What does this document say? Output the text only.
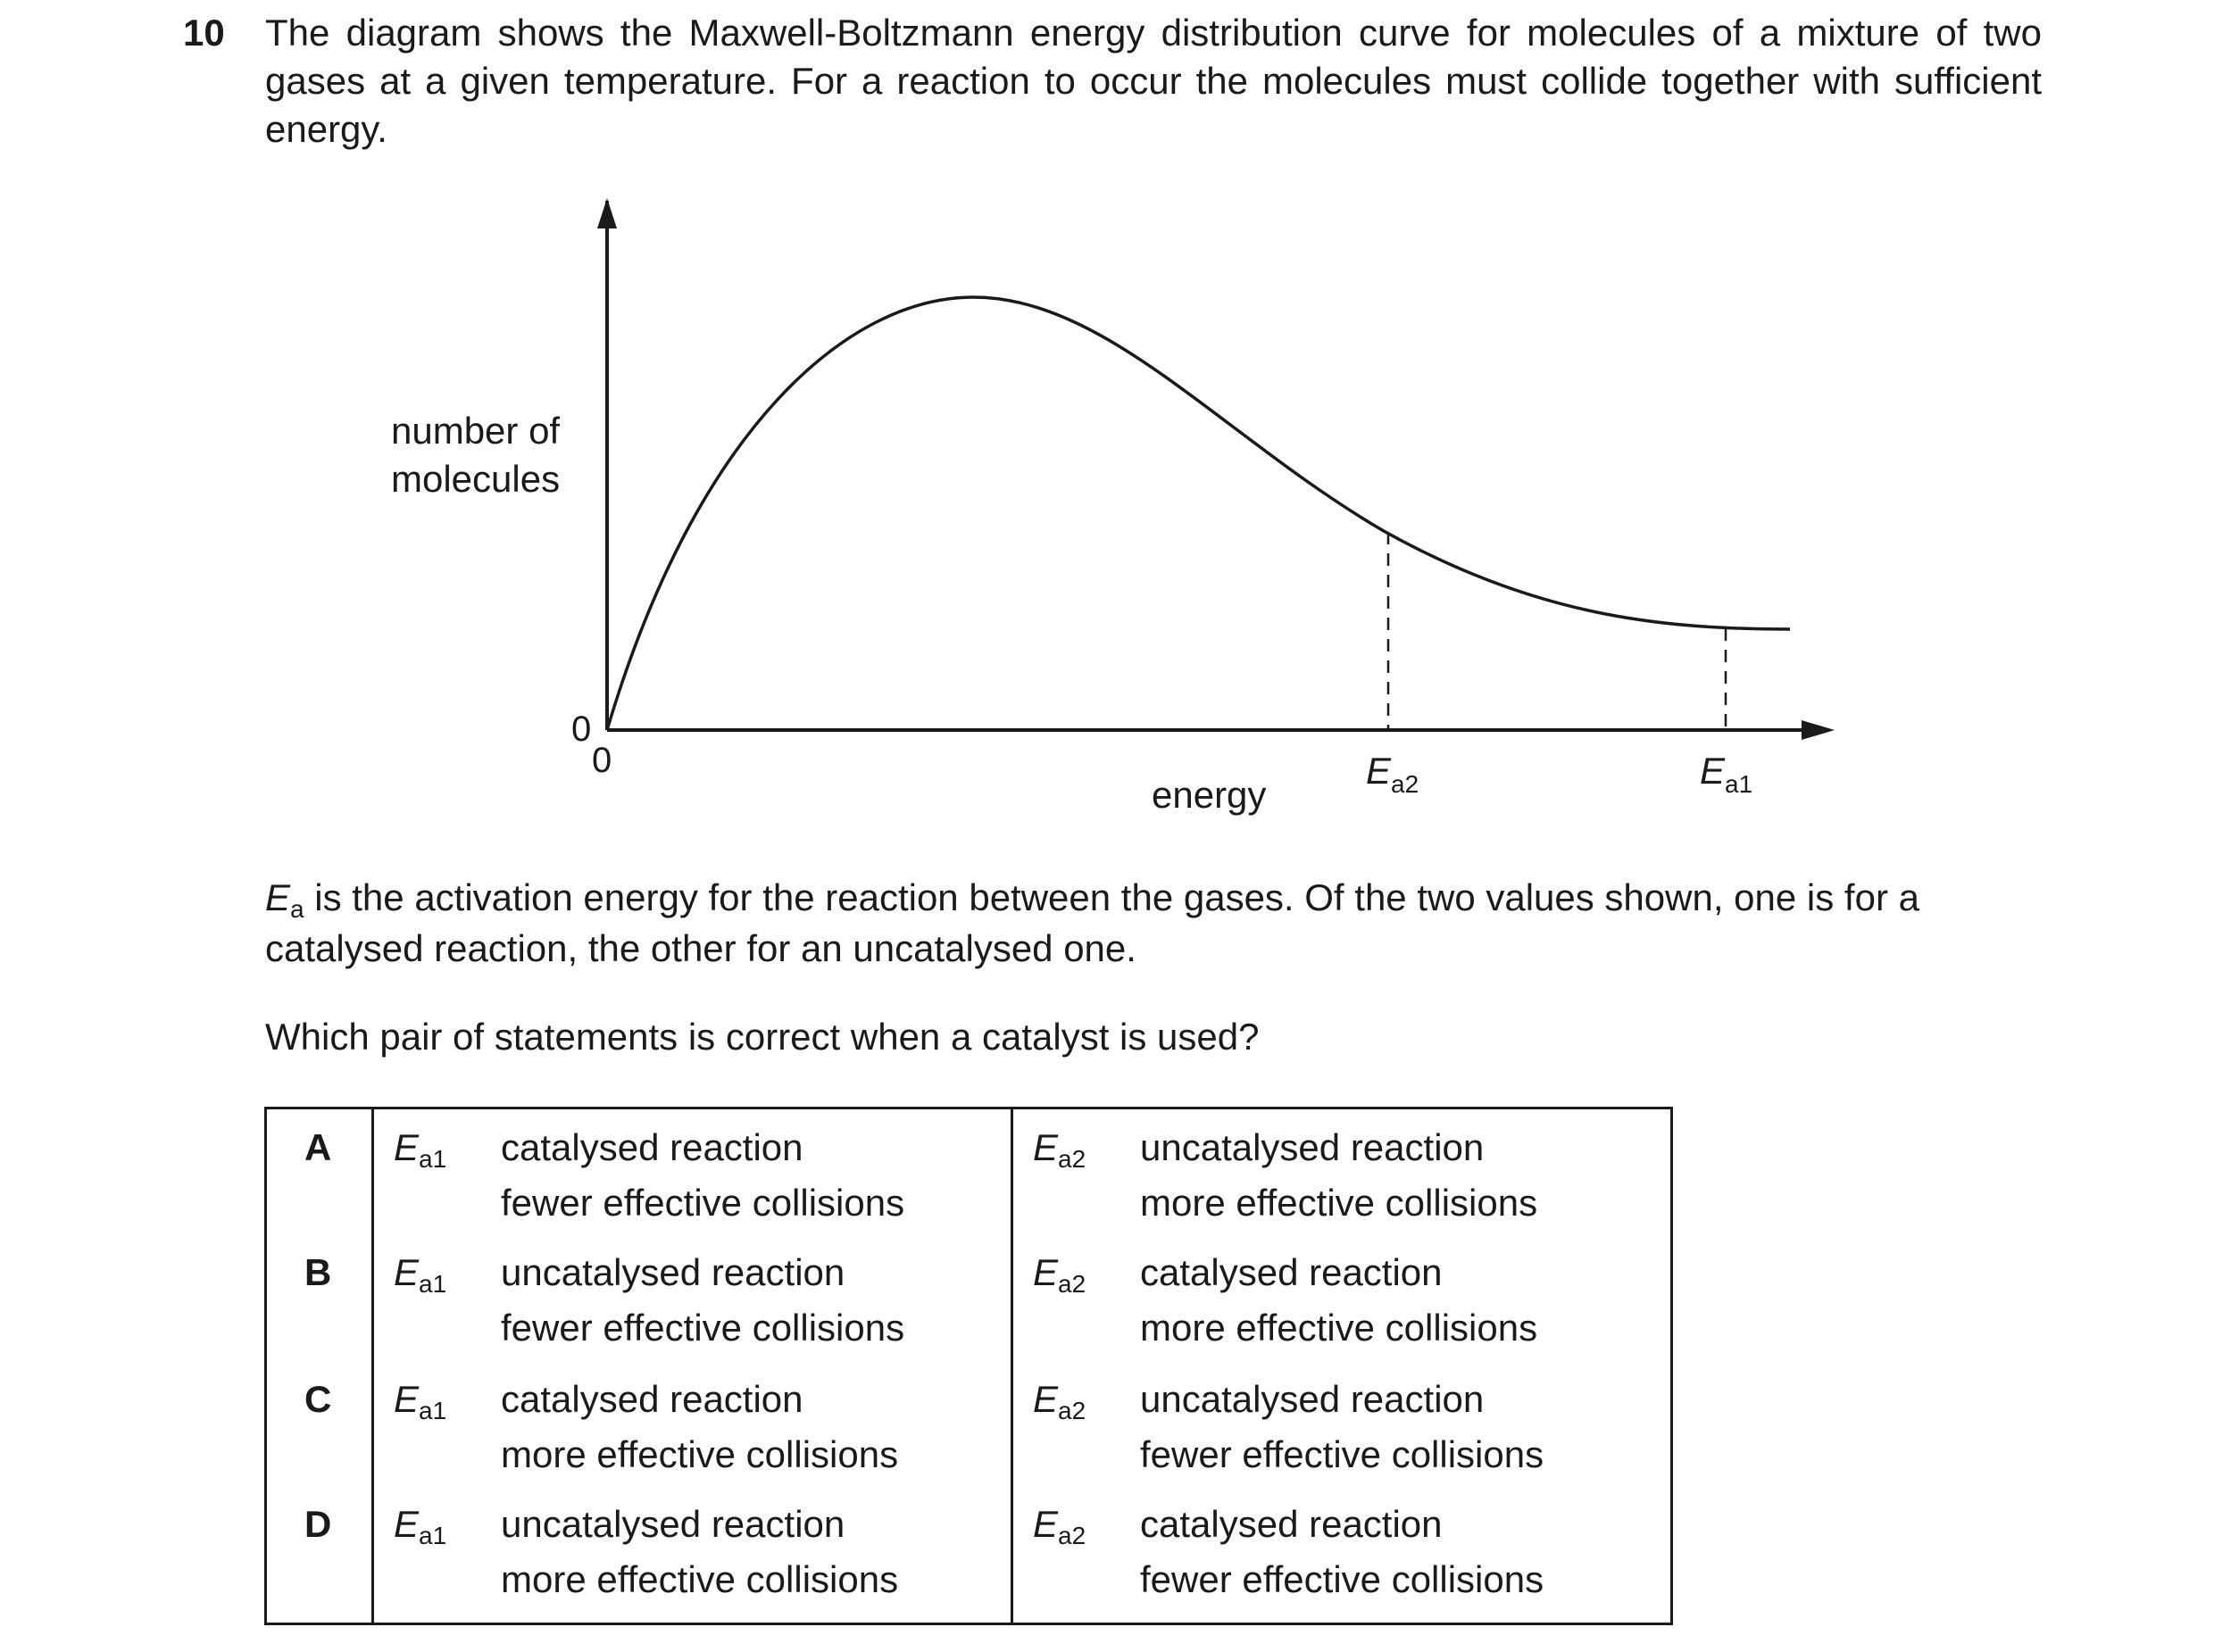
10 The diagram shows the Maxwell-Boltzmann energy distribution curve for molecules of a mixture of two gases at a given temperature. For a reaction to occur the molecules must collide together with sufficient energy.
number of
molecules
0
0
energy
$E_{a2}$	$E_{a1}$
Ea is the activation energy for the reaction between the gases. Of the two values shown, one is for a catalysed reaction, the other for an uncatalysed one.
Which pair of statements is correct when a catalyst is used?
A Ea1 catalysed reaction
fewer effective collisions
Ea2 uncatalysed reaction
more effective collisions
B Ea1 uncatalysed reaction
fewer effective collisions
Ea2 catalysed reaction
more effective collisions
C Ea1 catalysed reaction
more effective collisions
Ea2 uncatalysed reaction
fewer effective collisions
D Ea1 uncatalysed reaction
more effective collisions
Ea2 catalysed reaction
fewer effective collisions
